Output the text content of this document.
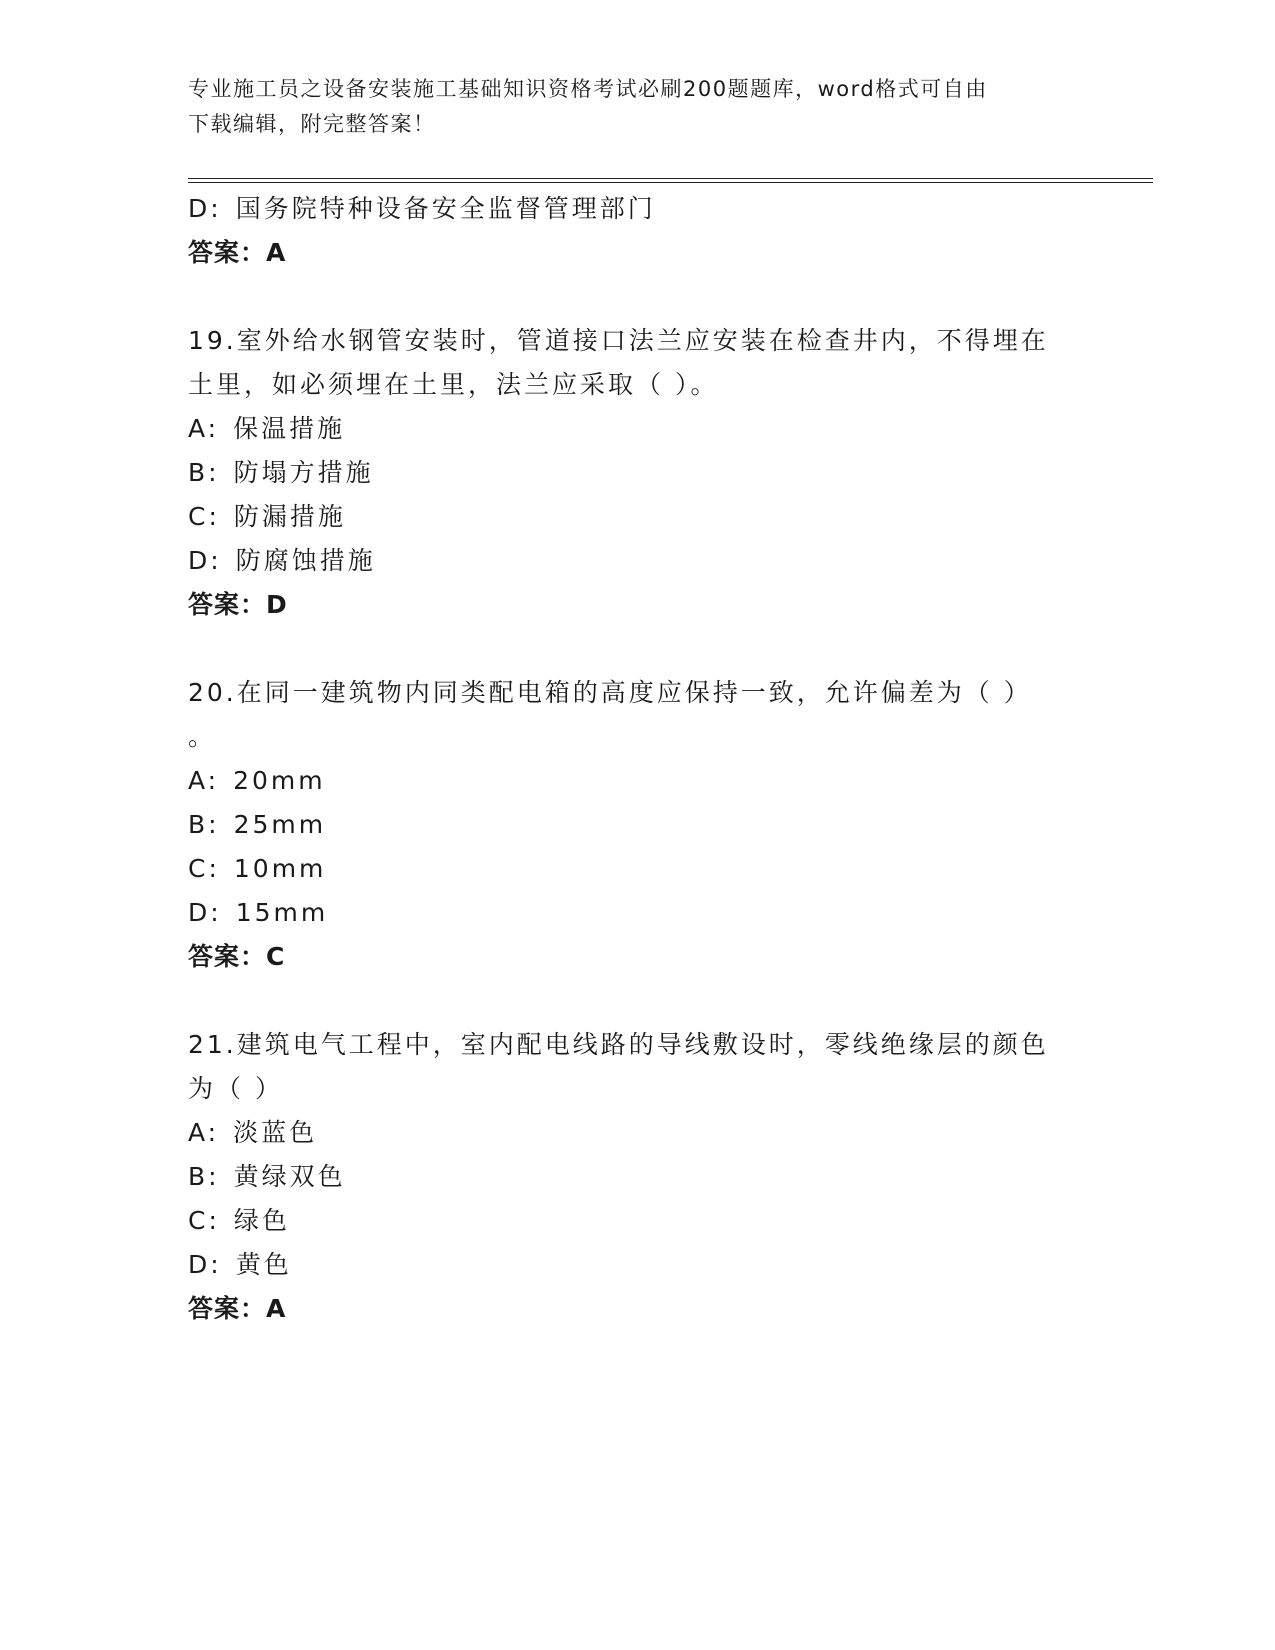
专业施工员之设备安装施工基础知识资格考试必刷200题题库，word格式可自由
下载编辑，附完整答案！
D: 国务院特种设备安全监督管理部门
答案：A
19.室外给水钢管安装时，管道接口法兰应安装在检查井内，不得埋在
土里，如必须埋在土里，法兰应采取（ ）。
A: 保温措施
B: 防塌方措施
C: 防漏措施
D: 防腐蚀措施
答案：D
20.在同一建筑物内同类配电箱的高度应保持一致，允许偏差为（ ）
。
A: 20mm
B: 25mm
C: 10mm
D: 15mm
答案：C
21.建筑电气工程中，室内配电线路的导线敷设时，零线绝缘层的颜色
为（ ）
A: 淡蓝色
B: 黄绿双色
C: 绿色
D: 黄色
答案：A
